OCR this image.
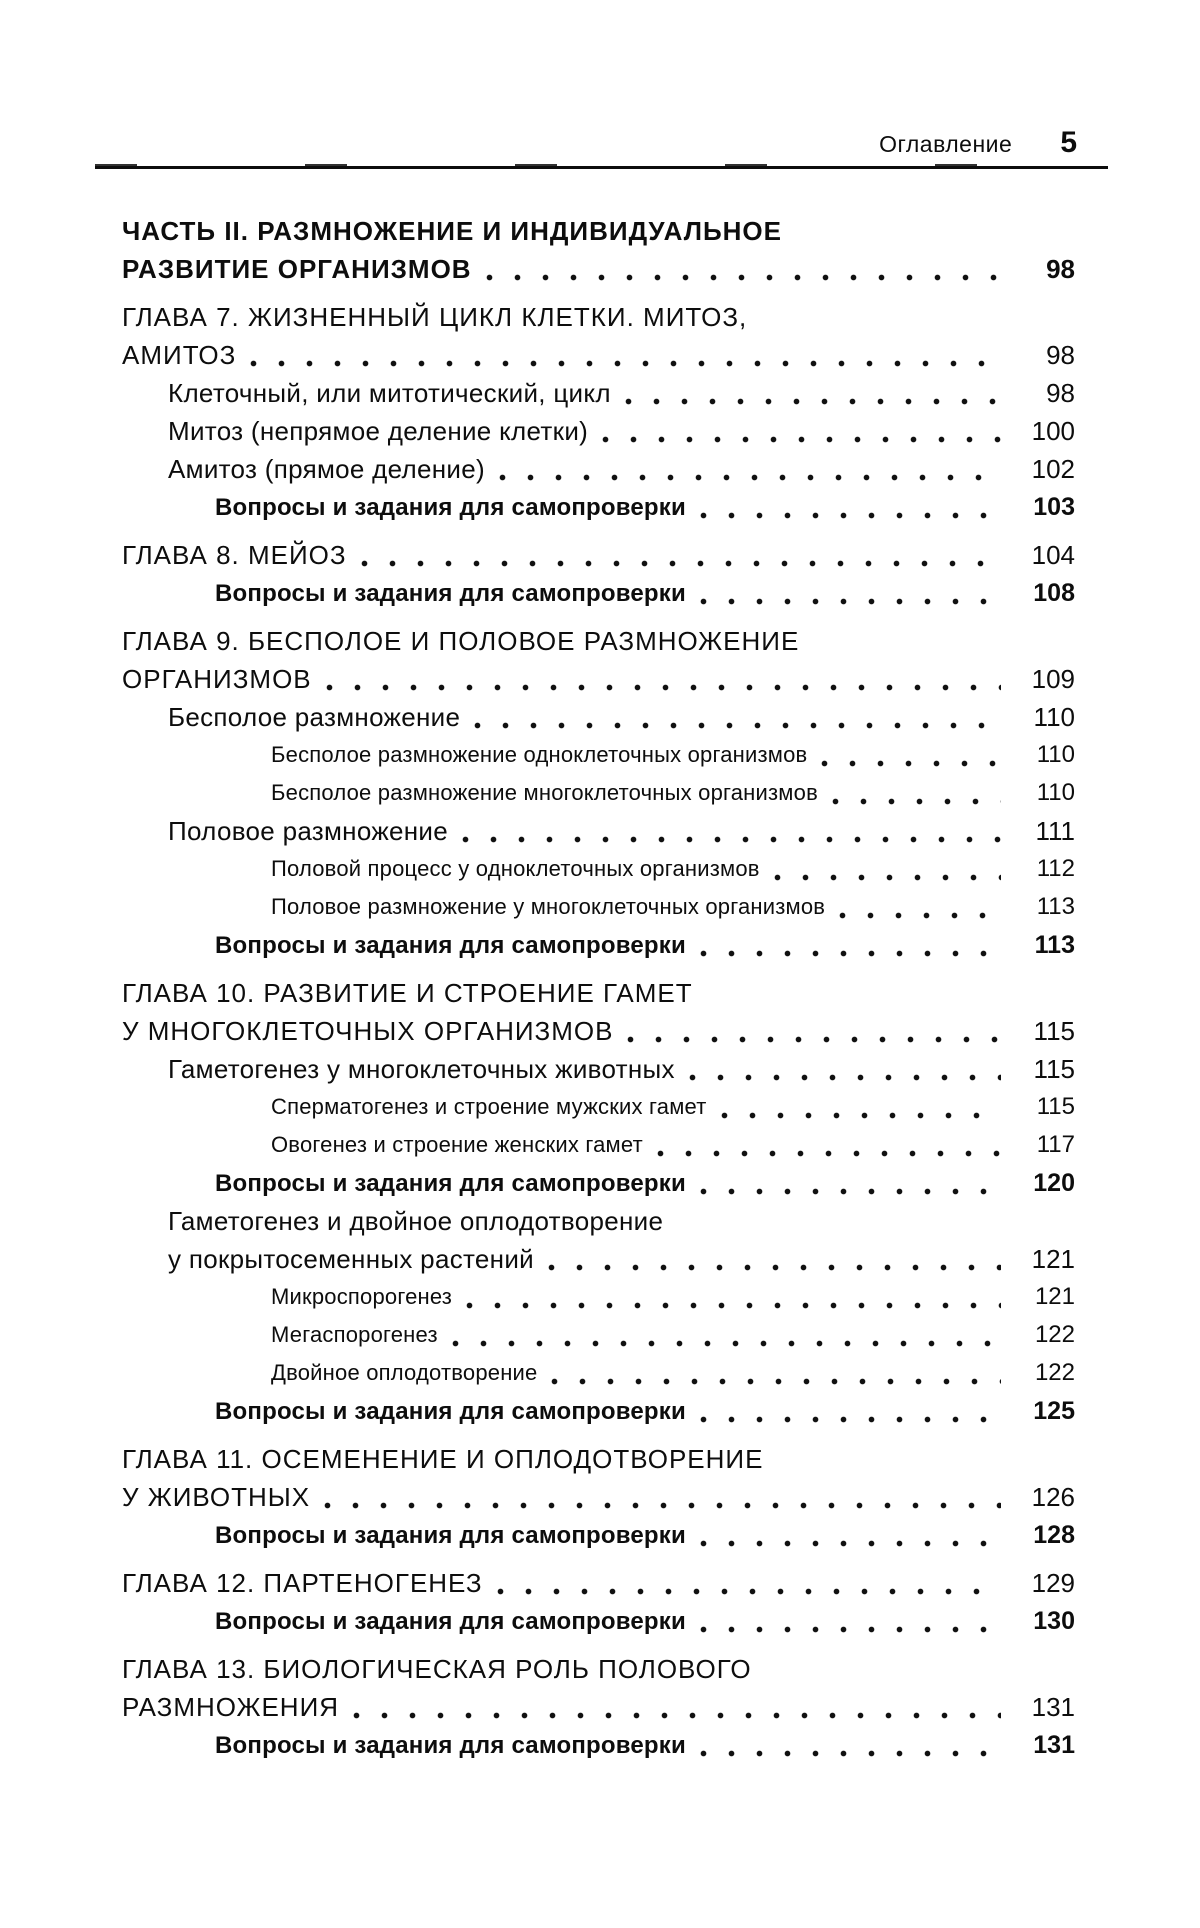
Оглавление 5
ЧАСТЬ II. РАЗМНОЖЕНИЕ И ИНДИВИДУАЛЬНОЕ
РАЗВИТИЕ ОРГАНИЗМОВ	98
ГЛАВА 7. ЖИЗНЕННЫЙ ЦИКЛ КЛЕТКИ. МИТОЗ,
АМИТОЗ	98
Клеточный, или митотический, цикл	98
Митоз (непрямое деление клетки)	100
Амитоз (прямое деление)	102
Вопросы и задания для самопроверки	103
ГЛАВА 8. МЕЙОЗ	104
Вопросы и задания для самопроверки	108
ГЛАВА 9. БЕСПОЛОЕ И ПОЛОВОЕ РАЗМНОЖЕНИЕ
ОРГАНИЗМОВ	109
Бесполое размножение	110
Бесполое размножение одноклеточных организмов	110
Бесполое размножение многоклеточных организмов	110
Половое размножение	111
Половой процесс у одноклеточных организмов	112
Половое размножение у многоклеточных организмов	113
Вопросы и задания для самопроверки	113
ГЛАВА 10. РАЗВИТИЕ И СТРОЕНИЕ ГАМЕТ
У МНОГОКЛЕТОЧНЫХ ОРГАНИЗМОВ	115
Гаметогенез у многоклеточных животных	115
Сперматогенез и строение мужских гамет	115
Овогенез и строение женских гамет	117
Вопросы и задания для самопроверки	120
Гаметогенез и двойное оплодотворение
у покрытосеменных растений	121
Микроспорогенез	121
Мегаспорогенез	122
Двойное оплодотворение	122
Вопросы и задания для самопроверки	125
ГЛАВА 11. ОСЕМЕНЕНИЕ И ОПЛОДОТВОРЕНИЕ
У ЖИВОТНЫХ	126
Вопросы и задания для самопроверки	128
ГЛАВА 12. ПАРТЕНОГЕНЕЗ	129
Вопросы и задания для самопроверки	130
ГЛАВА 13. БИОЛОГИЧЕСКАЯ РОЛЬ ПОЛОВОГО
РАЗМНОЖЕНИЯ	131
Вопросы и задания для самопроверки	131
